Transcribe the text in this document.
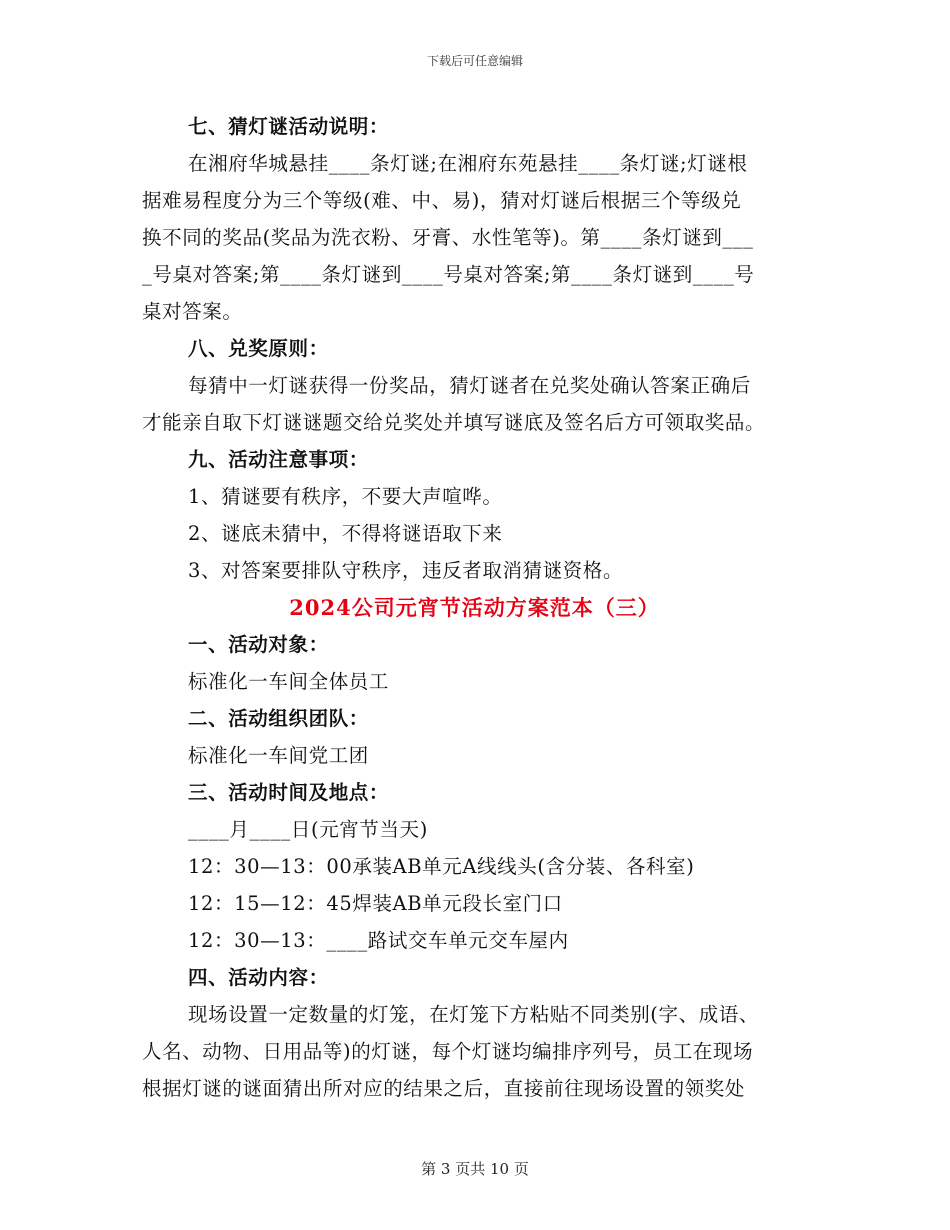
下载后可任意编辑
七、猜灯谜活动说明：
在湘府华城悬挂____条灯谜;在湘府东苑悬挂____条灯谜;灯谜根
据难易程度分为三个等级(难、中、易)，猜对灯谜后根据三个等级兑
换不同的奖品(奖品为洗衣粉、牙膏、水性笔等)。第____条灯谜到___
_号桌对答案;第____条灯谜到____号桌对答案;第____条灯谜到____号
桌对答案。
八、兑奖原则：
每猜中一灯谜获得一份奖品，猜灯谜者在兑奖处确认答案正确后
才能亲自取下灯谜谜题交给兑奖处并填写谜底及签名后方可领取奖品。
九、活动注意事项：
1、猜谜要有秩序，不要大声喧哗。
2、谜底未猜中，不得将谜语取下来
3、对答案要排队守秩序，违反者取消猜谜资格。
2024公司元宵节活动方案范本（三）
一、活动对象：
标准化一车间全体员工
二、活动组织团队：
标准化一车间党工团
三、活动时间及地点：
____月____日(元宵节当天)
12：30—13：00承装AB单元A线线头(含分装、各科室)
12：15—12：45焊装AB单元段长室门口
12：30—13：____路试交车单元交车屋内
四、活动内容：
现场设置一定数量的灯笼，在灯笼下方粘贴不同类别(字、成语、
人名、动物、日用品等)的灯谜，每个灯谜均编排序列号，员工在现场
根据灯谜的谜面猜出所对应的结果之后，直接前往现场设置的领奖处
第 3 页共 10 页
